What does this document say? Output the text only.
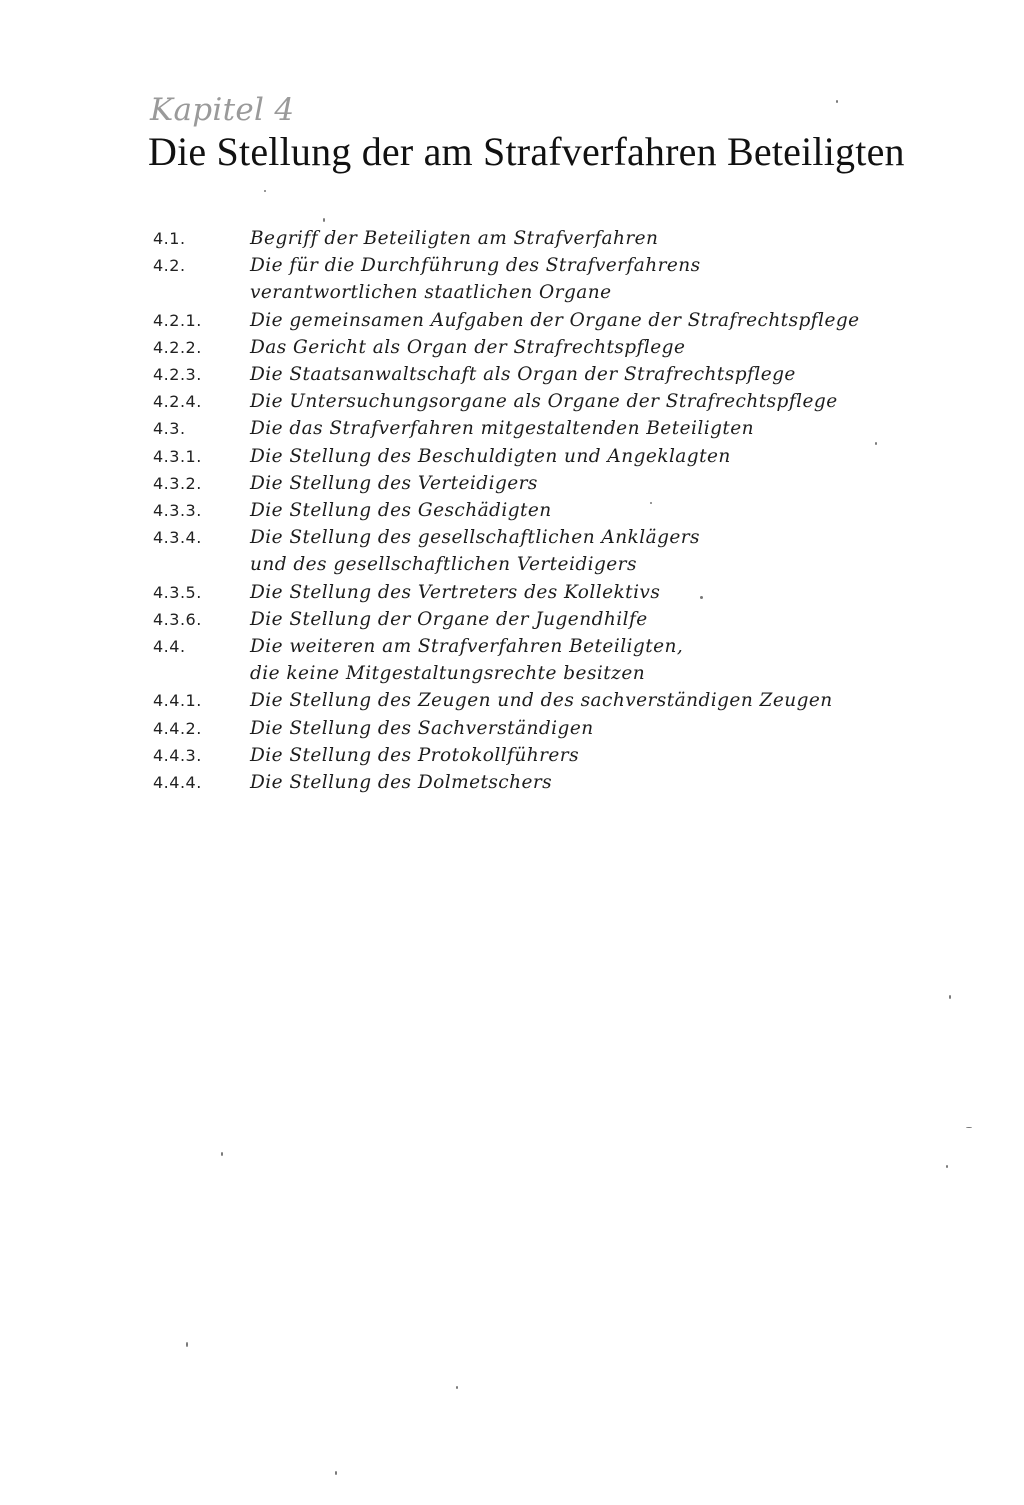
Kapitel 4
Die Stellung der am Strafverfahren Beteiligten
4.1.	Begriff der Beteiligten am Strafverfahren
4.2.	Die für die Durchführung des Strafverfahrens
verantwortlichen staatlichen Organe
4.2.1.	Die gemeinsamen Aufgaben der Organe der Strafrechtspflege
4.2.2.	Das Gericht als Organ der Strafrechtspflege
4.2.3.	Die Staatsanwaltschaft als Organ der Strafrechtspflege
4.2.4.	Die Untersuchungsorgane als Organe der Strafrechtspflege
4.3.	Die das Strafverfahren mitgestaltenden Beteiligten
4.3.1.	Die Stellung des Beschuldigten und Angeklagten
4.3.2.	Die Stellung des Verteidigers
4.3.3.	Die Stellung des Geschädigten
4.3.4.	Die Stellung des gesellschaftlichen Anklägers
und des gesellschaftlichen Verteidigers
4.3.5.	Die Stellung des Vertreters des Kollektivs
4.3.6.	Die Stellung der Organe der Jugendhilfe
4.4.	Die weiteren am Strafverfahren Beteiligten,
die keine Mitgestaltungsrechte besitzen
4.4.1.	Die Stellung des Zeugen und des sachverständigen Zeugen
4.4.2.	Die Stellung des Sachverständigen
4.4.3.	Die Stellung des Protokollführers
4.4.4.	Die Stellung des Dolmetschers
